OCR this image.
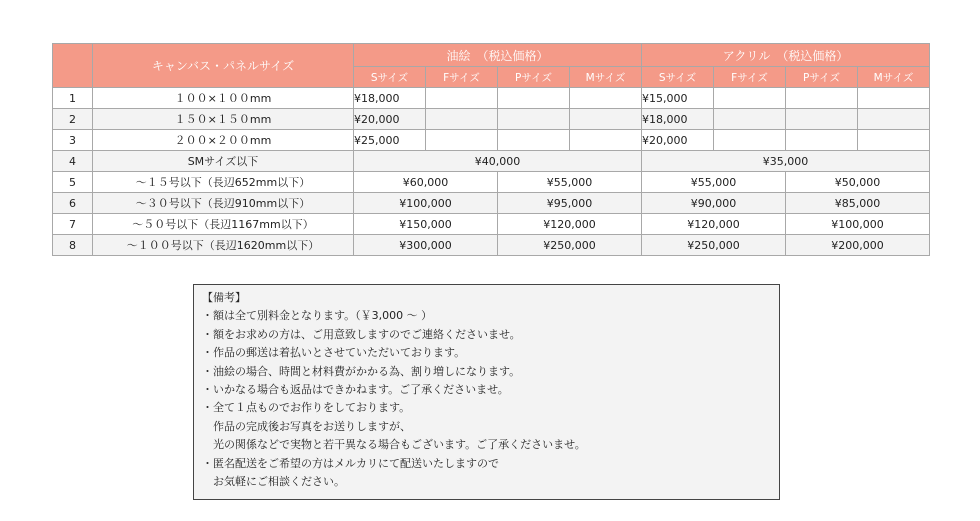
	キャンバス・パネルサイズ	油絵　（税込価格）				アクリル　（税込価格）			
		Sサイズ	Fサイズ	Pサイズ	Mサイズ	Sサイズ	Fサイズ	Pサイズ	Mサイズ
1	１００×１００mm	¥18,000				¥15,000			
2	１５０×１５０mm	¥20,000				¥18,000			
3	２００×２００mm	¥25,000				¥20,000			
4	SMサイズ以下	¥40,000				¥35,000			
5	～１５号以下（長辺652mm以下）	¥60,000		¥55,000		¥55,000		¥50,000	
6	～３０号以下（長辺910mm以下）	¥100,000		¥95,000		¥90,000		¥85,000	
7	～５０号以下（長辺1167mm以下）	¥150,000		¥120,000		¥120,000		¥100,000	
8	～１００号以下（長辺1620mm以下）	¥300,000		¥250,000		¥250,000		¥200,000	
【備考】
・額は全て別料金となります。（￥3,000 ～ ）
・額をお求めの方は、ご用意致しますのでご連絡くださいませ。
・作品の郵送は着払いとさせていただいております。
・油絵の場合、時間と材料費がかかる為、割り増しになります。
・いかなる場合も返品はできかねます。ご了承くださいませ。
・全て１点ものでお作りをしております。
　作品の完成後お写真をお送りしますが、
　光の関係などで実物と若干異なる場合もございます。ご了承くださいませ。
・匿名配送をご希望の方はメルカリにて配送いたしますので
　お気軽にご相談ください。
